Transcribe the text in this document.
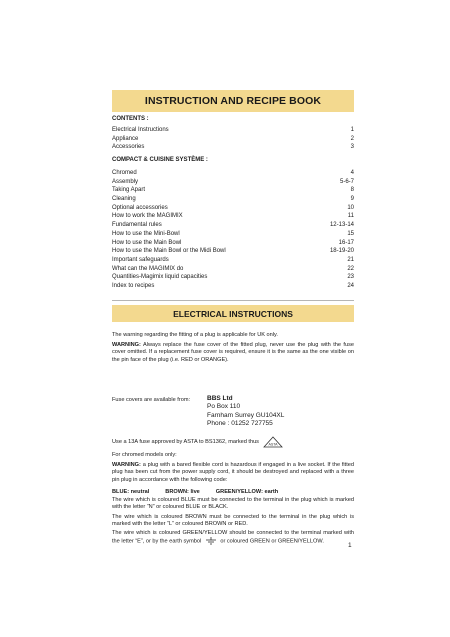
INSTRUCTION AND RECIPE BOOK
CONTENTS :
Electrical Instructions	1
Appliance	2
Accessories	3
COMPACT & CUISINE SYSTÈME :
Chromed	4
Assembly	5-6-7
Taking Apart	8
Cleaning	9
Optional accessories	10
How to work the MAGIMIX	11
Fundamental rules	12-13-14
How to use the Mini-Bowl	15
How to use the Main Bowl	16-17
How to use the Main Bowl or the Midi Bowl	18-19-20
Important safeguards	21
What can the MAGIMIX do	22
Quantities-Magimix liquid capacities	23
Index to recipes	24
ELECTRICAL INSTRUCTIONS
The warning regarding the fitting of a plug is applicable for UK only.
WARNING: Always replace the fuse cover of the fitted plug, never use the plug with the fuse cover omitted. If a replacement fuse cover is required, ensure it is the same as the one visible on the pin face of the plug (i.e. RED or ORANGE).
Fuse covers are available from:	BBS Ltd
Po Box 110
Farnham Surrey GU104XL
Phone : 01252 727755
Use a 13A fuse approved by ASTA to BS1362, marked thus	ASTA
For chromed models only:
WARNING: a plug with a bared flexible cord is hazardous if engaged in a live socket. If the fitted plug has been cut from the power supply cord, it should be destroyed and replaced with a three pin plug in accordance with the following code:
BLUE: neutral	BROWN: live	GREEN/YELLOW: earth
The wire which is coloured BLUE must be connected to the terminal in the plug which is marked with the letter “N” or coloured BLUE or BLACK.
The wire which is coloured BROWN must be connected to the terminal in the plug which is marked with the letter “L” or coloured BROWN or RED.
The wire which is coloured GREEN/YELLOW should be connected to the terminal marked with the letter “E”, or by the earth symbol	or coloured GREEN or GREEN/YELLOW.
1
